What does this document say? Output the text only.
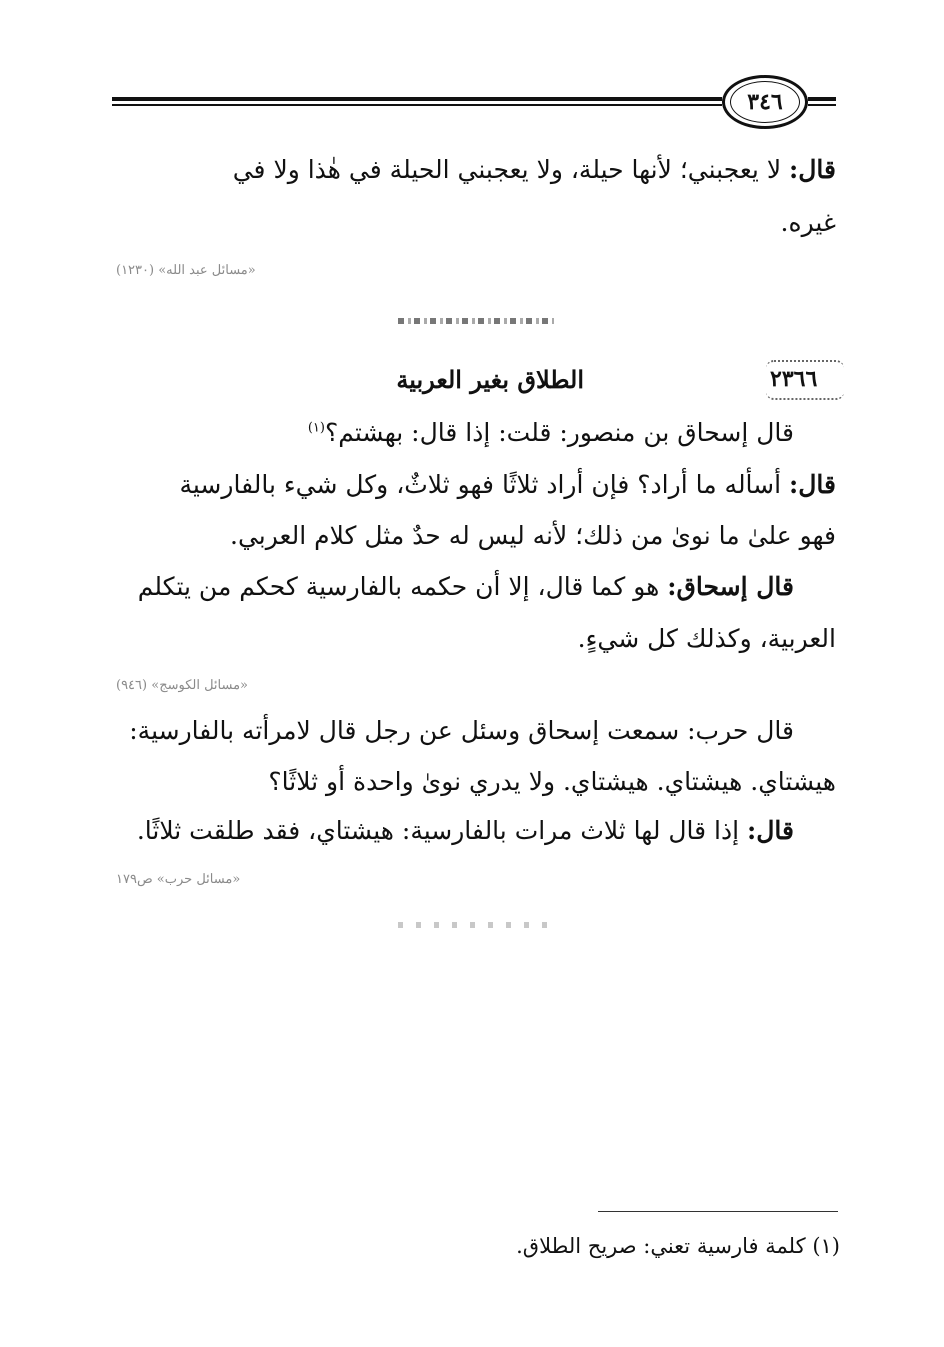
٣٤٦
قال: لا يعجبني؛ لأنها حيلة، ولا يعجبني الحيلة في هٰذا ولا في
غيره.
«مسائل عبد الله» (١٢٣٠)
٢٣٦٦
الطلاق بغير العربية
قال إسحاق بن منصور: قلت: إذا قال: بهشتم؟$^{(١)}$
قال: أسأله ما أراد؟ فإن أراد ثلاثًا فهو ثلاثٌ، وكل شيء بالفارسية
فهو علىٰ ما نوىٰ من ذلك؛ لأنه ليس له حدٌ مثل كلام العربي.
قال إسحاق: هو كما قال، إلا أن حكمه بالفارسية كحكم من يتكلم
العربية، وكذلك كل شيءٍ.
«مسائل الكوسج» (٩٤٦)
قال حرب: سمعت إسحاق وسئل عن رجل قال لامرأته بالفارسية:
هيشتاي. هيشتاي. هيشتاي. ولا يدري نوىٰ واحدة أو ثلاثًا؟
قال: إذا قال لها ثلاث مرات بالفارسية: هيشتاي، فقد طلقت ثلاثًا.
«مسائل حرب» ص١٧٩
(١) كلمة فارسية تعني: صريح الطلاق.
